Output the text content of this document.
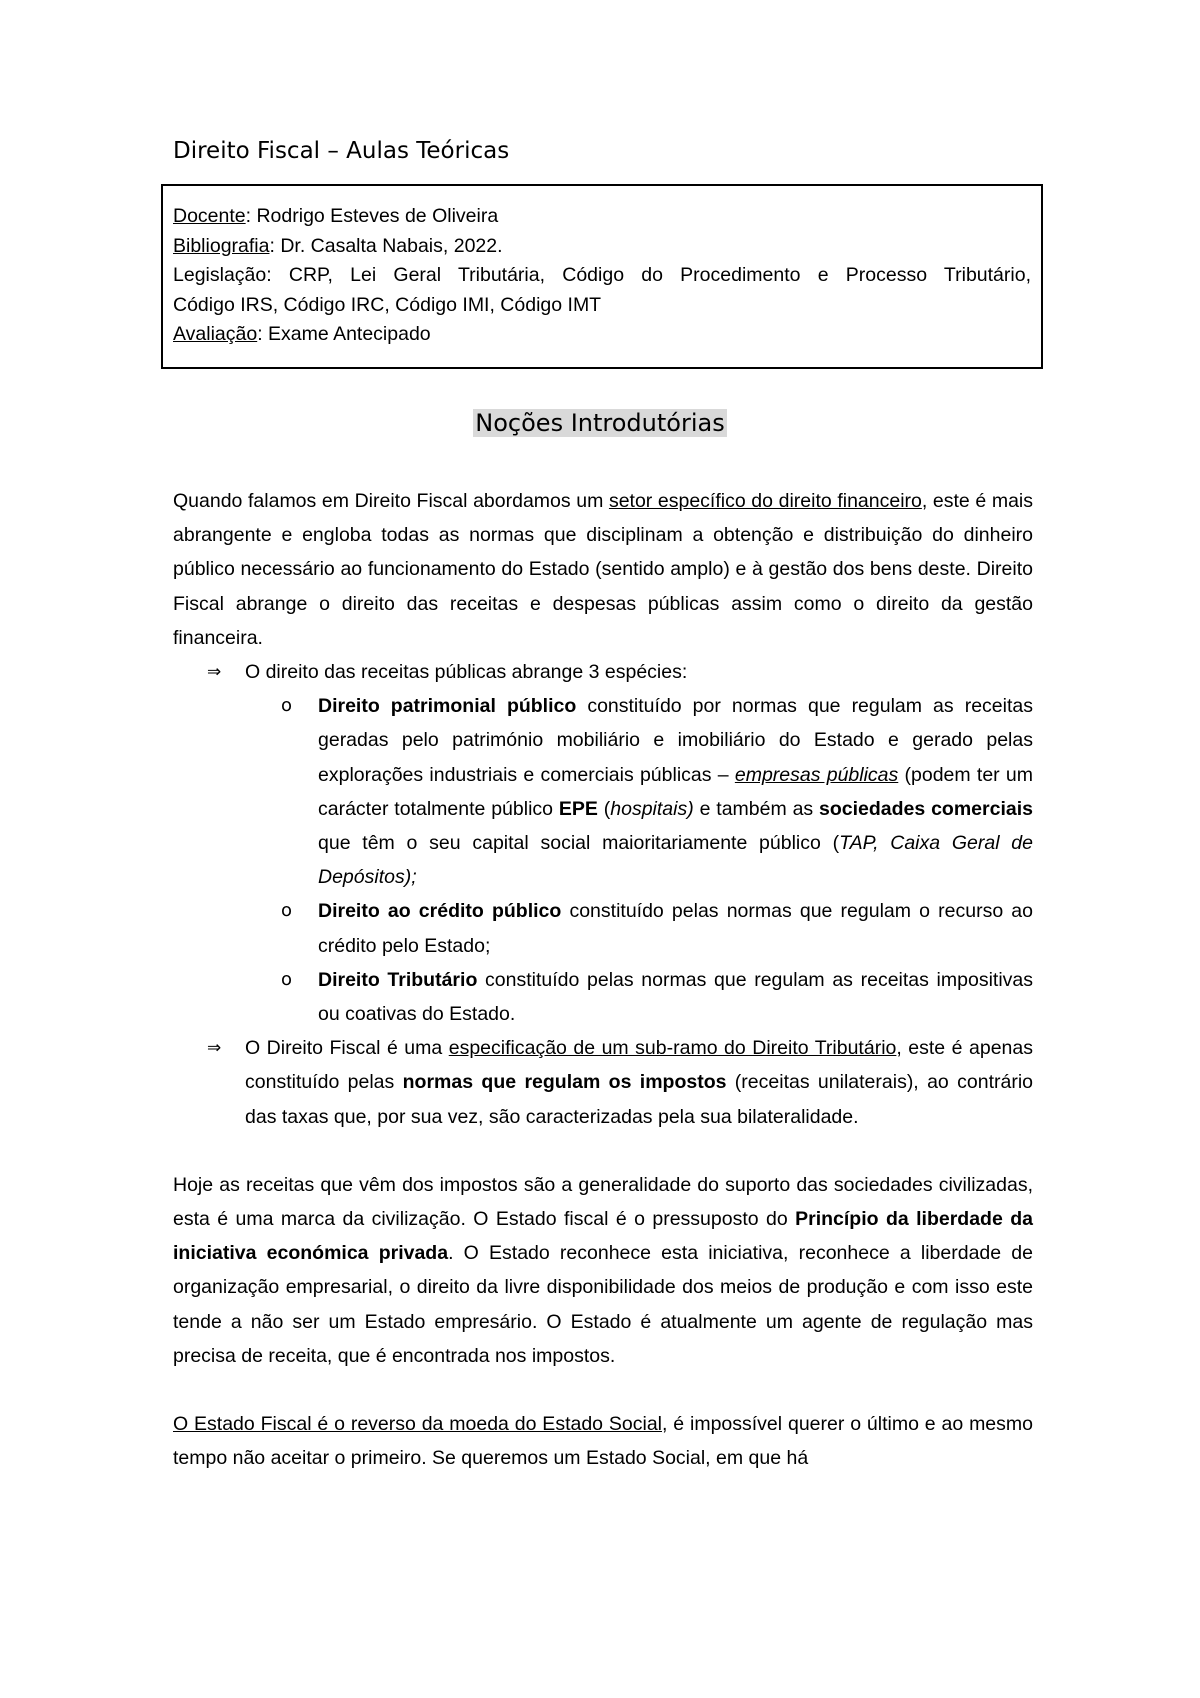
Direito Fiscal – Aulas Teóricas
Docente: Rodrigo Esteves de Oliveira
Bibliografia: Dr. Casalta Nabais, 2022.
Legislação: CRP, Lei Geral Tributária, Código do Procedimento e Processo Tributário,
Código IRS, Código IRC, Código IMI, Código IMT
Avaliação: Exame Antecipado
Noções Introdutórias

Quando falamos em Direito Fiscal abordamos um setor específico do direito financeiro, este é mais abrangente e engloba todas as normas que disciplinam a obtenção e distribuição do dinheiro público necessário ao funcionamento do Estado (sentido amplo) e à gestão dos bens deste. Direito Fiscal abrange o direito das receitas e despesas públicas assim como o direito da gestão financeira.

⇒ O direito das receitas públicas abrange 3 espécies:
o Direito patrimonial público constituído por normas que regulam as receitas geradas pelo património mobiliário e imobiliário do Estado e gerado pelas explorações industriais e comerciais públicas – empresas públicas (podem ter um carácter totalmente público EPE (hospitais) e também as sociedades comerciais que têm o seu capital social maioritariamente público (TAP, Caixa Geral de Depósitos);
o Direito ao crédito público constituído pelas normas que regulam o recurso ao crédito pelo Estado;
o Direito Tributário constituído pelas normas que regulam as receitas impositivas ou coativas do Estado.
⇒ O Direito Fiscal é uma especificação de um sub-ramo do Direito Tributário, este é apenas constituído pelas normas que regulam os impostos (receitas unilaterais), ao contrário das taxas que, por sua vez, são caracterizadas pela sua bilateralidade.

Hoje as receitas que vêm dos impostos são a generalidade do suporto das sociedades civilizadas, esta é uma marca da civilização. O Estado fiscal é o pressuposto do Princípio da liberdade da iniciativa económica privada. O Estado reconhece esta iniciativa, reconhece a liberdade de organização empresarial, o direito da livre disponibilidade dos meios de produção e com isso este tende a não ser um Estado empresário. O Estado é atualmente um agente de regulação mas precisa de receita, que é encontrada nos impostos.

O Estado Fiscal é o reverso da moeda do Estado Social, é impossível querer o último e ao mesmo tempo não aceitar o primeiro. Se queremos um Estado Social, em que há
